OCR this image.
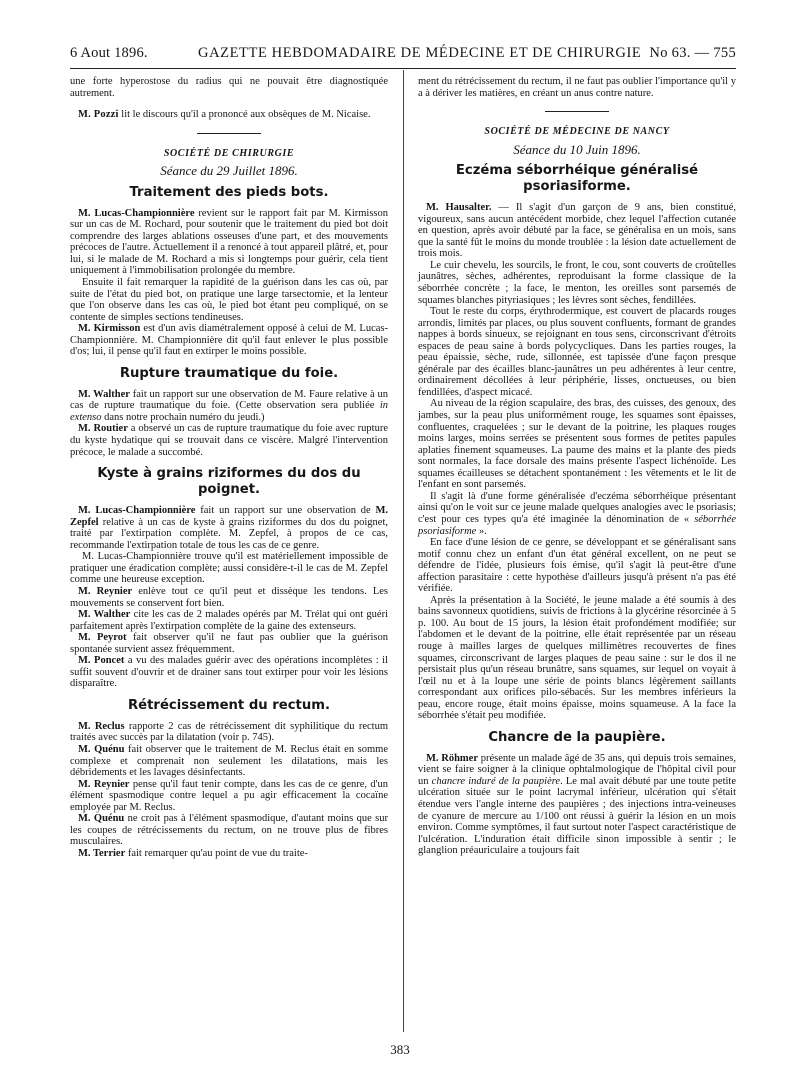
6 Aout 1896.	GAZETTE HEBDOMADAIRE DE MÉDECINE ET DE CHIRURGIE No 63. — 755

une forte hyperostose du radius qui ne pouvait être diagnostiquée autrement.

M. Pozzi lit le discours qu'il a prononcé aux obsèques de M. Nicaise.

SOCIÉTÉ DE CHIRURGIE
Séance du 29 Juillet 1896.
Traitement des pieds bots.

M. Lucas-Championnière revient sur le rapport fait par M. Kirmisson sur un cas de M. Rochard, pour soutenir que le traitement du pied bot doit comprendre des larges ablations osseuses d'une part, et des mouvements précoces de l'autre. Actuellement il a renoncé à tout appareil plâtré, et, pour lui, si le malade de M. Rochard a mis si longtemps pour guérir, cela tient uniquement à l'immobilisation prolongée du membre.

Ensuite il fait remarquer la rapidité de la guérison dans les cas où, par suite de l'état du pied bot, on pratique une large tarsectomie, et la lenteur que l'on observe dans les cas où, le pied bot étant peu compliqué, on se contente de simples sections tendineuses.

M. Kirmisson est d'un avis diamétralement opposé à celui de M. Lucas-Championnière. M. Championnière dit qu'il faut enlever le plus possible d'os; lui, il pense qu'il faut en extirper le moins possible.

Rupture traumatique du foie.

M. Walther fait un rapport sur une observation de M. Faure relative à un cas de rupture traumatique du foie. (Cette observation sera publiée in extenso dans notre prochain numéro du jeudi.)

M. Routier a observé un cas de rupture traumatique du foie avec rupture du kyste hydatique qui se trouvait dans ce viscère. Malgré l'intervention précoce, le malade a succombé.

Kyste à grains riziformes du dos du poignet.

M. Lucas-Championnière fait un rapport sur une observation de M. Zepfel relative à un cas de kyste à grains riziformes du dos du poignet, traité par l'extirpation complète. M. Zepfel, à propos de ce cas, recommande l'extirpation totale de tous les cas de ce genre.

M. Lucas-Championnière trouve qu'il est matériellement impossible de pratiquer une éradication complète; aussi considère-t-il le cas de M. Zepfel comme une heureuse exception.

M. Reynier enlève tout ce qu'il peut et dissèque les tendons. Les mouvements se conservent fort bien.

M. Walther cite les cas de 2 malades opérés par M. Trélat qui ont guéri parfaitement après l'extirpation complète de la gaine des extenseurs.

M. Peyrot fait observer qu'il ne faut pas oublier que la guérison spontanée survient assez fréquemment.

M. Poncet a vu des malades guérir avec des opérations incomplètes : il suffit souvent d'ouvrir et de drainer sans tout extirper pour voir les lésions disparaître.

Rétrécissement du rectum.

M. Reclus rapporte 2 cas de rétrécissement dit syphilitique du rectum traités avec succès par la dilatation (voir p. 745).

M. Quénu fait observer que le traitement de M. Reclus était en somme complexe et comprenait non seulement les dilatations, mais les débridements et les lavages désinfectants.

M. Reynier pense qu'il faut tenir compte, dans les cas de ce genre, d'un élément spasmodique contre lequel a pu agir efficacement la cocaïne employée par M. Reclus.

M. Quénu ne croit pas à l'élément spasmodique, d'autant moins que sur les coupes de rétrécissements du rectum, on ne trouve plus de fibres musculaires.

M. Terrier fait remarquer qu'au point de vue du traite-

ment du rétrécissement du rectum, il ne faut pas oublier l'importance qu'il y a à dériver les matières, en créant un anus contre nature.

SOCIÉTÉ DE MÉDECINE DE NANCY
Séance du 10 Juin 1896.
Eczéma séborrhéique généralisé psoriasiforme.

M. Hausalter. — Il s'agit d'un garçon de 9 ans, bien constitué, vigoureux, sans aucun antécédent morbide, chez lequel l'affection cutanée en question, après avoir débuté par la face, se généralisa en un mois, sans que la santé fût le moins du monde troublée : la lésion date actuellement de trois mois.

Le cuir chevelu, les sourcils, le front, le cou, sont couverts de croûtelles jaunâtres, sèches, adhérentes, reproduisant la forme classique de la séborrhée concrète ; la face, le menton, les oreilles sont parsemés de squames blanches pityriasiques ; les lèvres sont sèches, fendillées.

Tout le reste du corps, érythrodermique, est couvert de placards rouges arrondis, limités par places, ou plus souvent confluents, formant de grandes nappes à bords sinueux, se rejoignant en tous sens, circonscrivant d'étroits espaces de peau saine à bords polycycliques. Dans les parties rouges, la peau épaissie, sèche, rude, sillonnée, est tapissée d'une façon presque générale par des écailles blanc-jaunâtres un peu adhérentes à leur centre, ordinairement décollées à leur périphérie, lisses, onctueuses, ou bien fendillées, d'aspect micacé.

Au niveau de la région scapulaire, des bras, des cuisses, des genoux, des jambes, sur la peau plus uniformément rouge, les squames sont épaisses, confluentes, craquelées ; sur le devant de la poitrine, les plaques rouges moins larges, moins serrées se présentent sous formes de petites papules aplaties finement squameuses. La paume des mains et la plante des pieds sont normales, la face dorsale des mains présente l'aspect lichénoïde. Les squames écailleuses se détachent spontanément : les vêtements et le lit de l'enfant en sont parsemés.

Il s'agit là d'une forme généralisée d'eczéma séborrhéique présentant ainsi qu'on le voit sur ce jeune malade quelques analogies avec le psoriasis; c'est pour ces types qu'a été imaginée la dénomination de « séborrhée psoriasiforme ».

En face d'une lésion de ce genre, se développant et se généralisant sans motif connu chez un enfant d'un état général excellent, on ne peut se défendre de l'idée, plusieurs fois émise, qu'il s'agit là peut-être d'une affection parasitaire : cette hypothèse d'ailleurs jusqu'à présent n'a pas été vérifiée.

Après la présentation à la Société, le jeune malade a été soumis à des bains savonneux quotidiens, suivis de frictions à la glycérine résorcinée à 5 p. 100. Au bout de 15 jours, la lésion était profondément modifiée; sur l'abdomen et le devant de la poitrine, elle était représentée par un réseau rouge à mailles larges de quelques millimètres recouvertes de fines squames, circonscrivant de larges plaques de peau saine : sur le dos il ne persistait plus qu'un réseau brunâtre, sans squames, sur lequel on voyait à l'œil nu et à la loupe une série de points blancs légèrement saillants correspondant aux orifices pilo-sébacés. Sur les membres inférieurs la peau, encore rouge, était moins épaisse, moins squameuse. A la face la séborrhée s'était peu modifiée.

Chancre de la paupière.

M. Röhmer présente un malade âgé de 35 ans, qui depuis trois semaines, vient se faire soigner à la clinique ophtalmologique de l'hôpital civil pour un chancre induré de la paupière. Le mal avait débuté par une toute petite ulcération située sur le point lacrymal inférieur, ulcération qui s'était étendue vers l'angle interne des paupières ; des injections intra-veineuses de cyanure de mercure au 1/100 ont réussi à guérir la lésion en un mois environ. Comme symptômes, il faut surtout noter l'aspect caractéristique de l'ulcération. L'induration était difficile sinon impossible à sentir ; le glanglion préauriculaire a toujours fait

383
